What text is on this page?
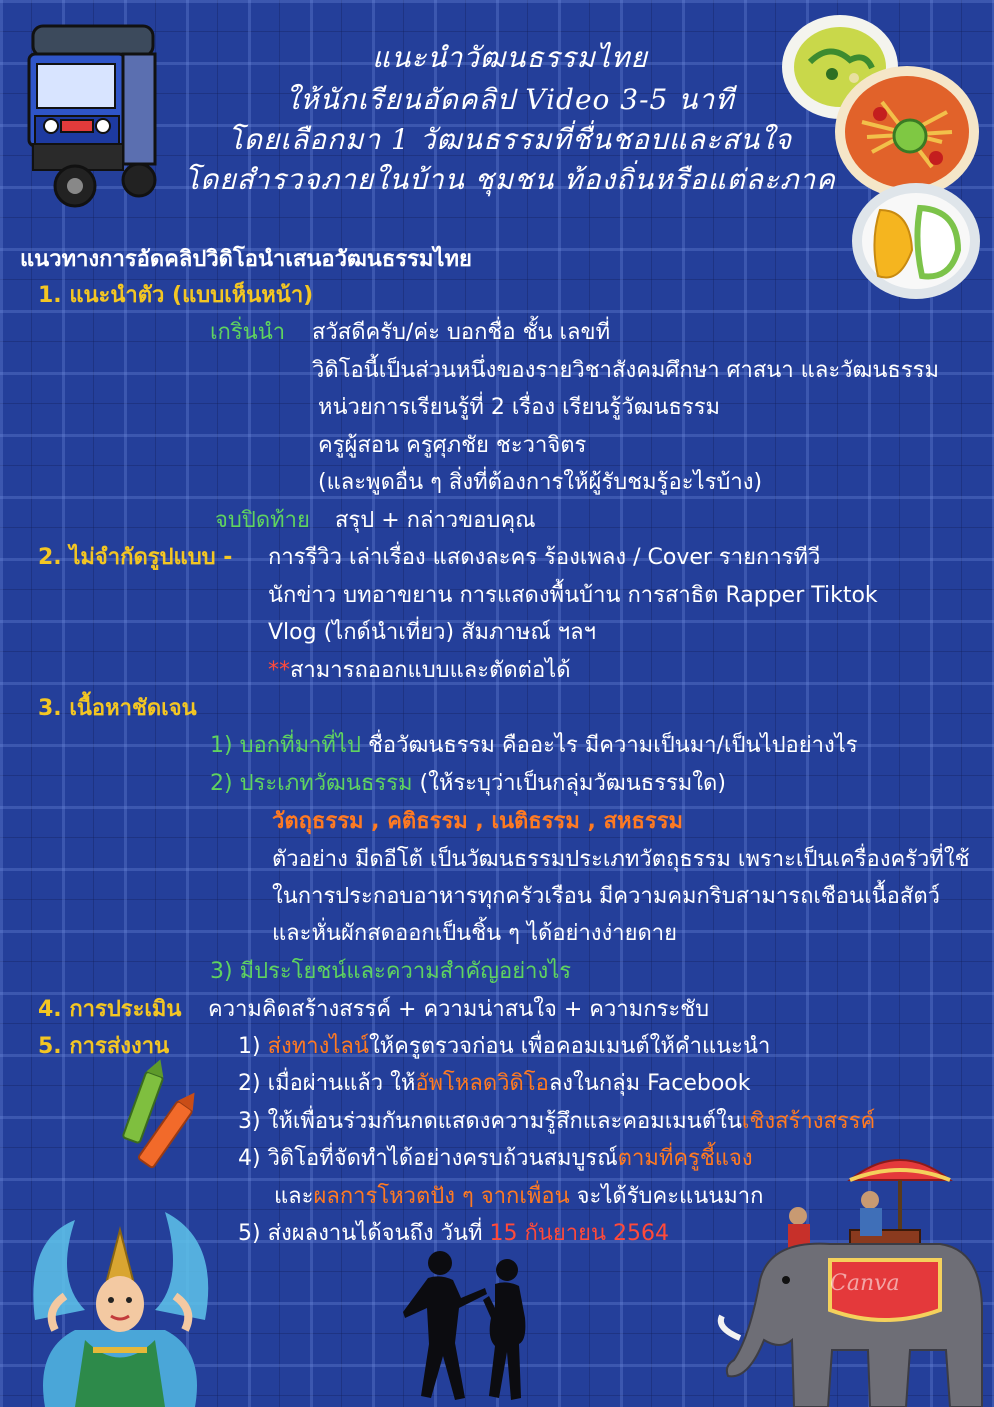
แนะนำวัฒนธรรมไทย
ให้นักเรียนอัดคลิป Video 3-5 นาที
โดยเลือกมา 1 วัฒนธรรมที่ชื่นชอบและสนใจ
โดยสำรวจภายในบ้าน ชุมชน ท้องถิ่นหรือแต่ละภาค
แนวทางการอัดคลิปวิดิโอนำเสนอวัฒนธรรมไทย
1. แนะนำตัว (แบบเห็นหน้า)
เกริ่นนำ สวัสดีครับ/ค่ะ บอกชื่อ ชั้น เลขที่
วิดิโอนี้เป็นส่วนหนึ่งของรายวิชาสังคมศึกษา ศาสนา และวัฒนธรรม
หน่วยการเรียนรู้ที่ 2 เรื่อง เรียนรู้วัฒนธรรม
ครูผู้สอน ครูศุภชัย ชะวาจิตร
(และพูดอื่น ๆ สิ่งที่ต้องการให้ผู้รับชมรู้อะไรบ้าง)
จบปิดท้าย สรุป + กล่าวขอบคุณ
2. ไม่จำกัดรูปแบบ - การรีวิว เล่าเรื่อง แสดงละคร ร้องเพลง / Cover รายการทีวี
นักข่าว บทอาขยาน การแสดงพื้นบ้าน การสาธิต Rapper Tiktok
Vlog (ไกด์นำเที่ยว) สัมภาษณ์ ฯลฯ
**สามารถออกแบบและตัดต่อได้
3. เนื้อหาชัดเจน
1) บอกที่มาที่ไป ชื่อวัฒนธรรม คืออะไร มีความเป็นมา/เป็นไปอย่างไร
2) ประเภทวัฒนธรรม (ให้ระบุว่าเป็นกลุ่มวัฒนธรรมใด)
วัตถุธรรม , คติธรรม , เนติธรรม , สหธรรม
ตัวอย่าง มีดอีโต้ เป็นวัฒนธรรมประเภทวัตถุธรรม เพราะเป็นเครื่องครัวที่ใช้
ในการประกอบอาหารทุกครัวเรือน มีความคมกริบสามารถเชือนเนื้อสัตว์
และหั่นผักสดออกเป็นชิ้น ๆ ได้อย่างง่ายดาย
3) มีประโยชน์และความสำคัญอย่างไร
4. การประเมิน ความคิดสร้างสรรค์ + ความน่าสนใจ + ความกระชับ
5. การส่งงาน	1) ส่งทางไลน์ให้ครูตรวจก่อน เพื่อคอมเมนต์ให้คำแนะนำ
2) เมื่อผ่านแล้ว ให้อัพโหลดวิดิโอลงในกลุ่ม Facebook
3) ให้เพื่อนร่วมกันกดแสดงความรู้สึกและคอมเมนต์ในเชิงสร้างสรรค์
4) วิดิโอที่จัดทำได้อย่างครบถ้วนสมบูรณ์ตามที่ครูชี้แจง
และผลการโหวตปัง ๆ จากเพื่อน จะได้รับคะแนนมาก
5) ส่งผลงานได้จนถึง วันที่ 15 กันยายน 2564
Canva
